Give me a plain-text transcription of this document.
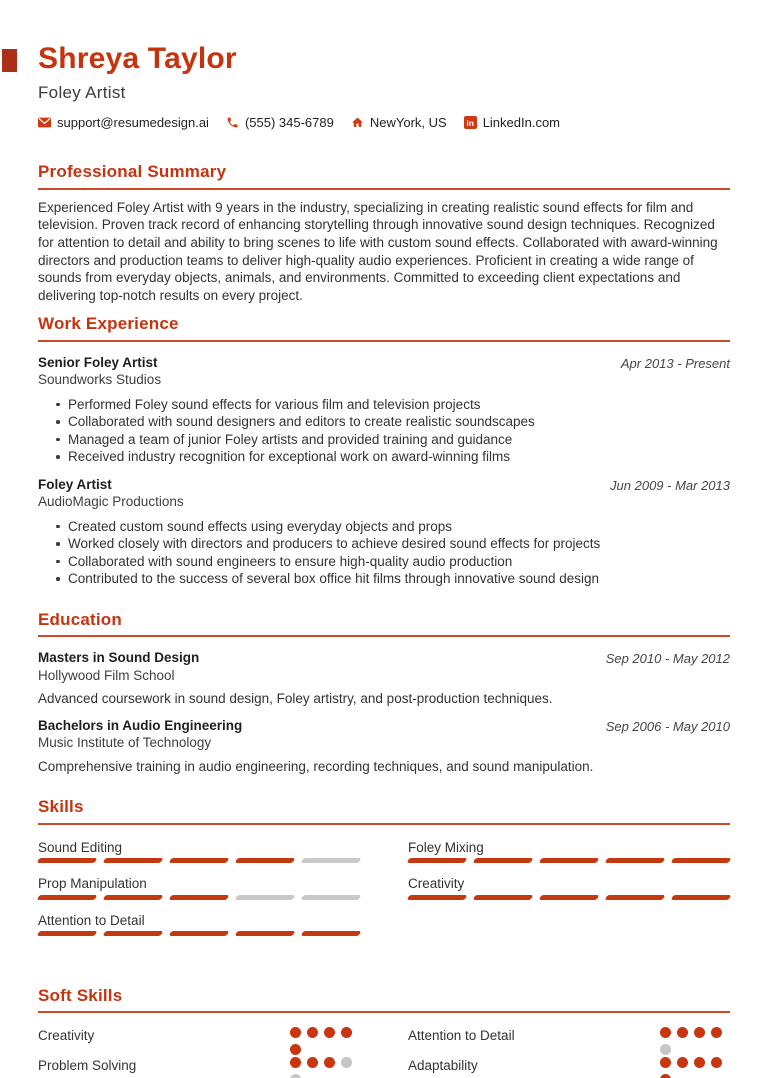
Shreya Taylor
Foley Artist
support@resumedesign.ai	(555) 345-6789	NewYork, US	in LinkedIn.com
Professional Summary

Experienced Foley Artist with 9 years in the industry, specializing in creating realistic sound effects for film and television. Proven track record of enhancing storytelling through innovative sound design techniques. Recognized for attention to detail and ability to bring scenes to life with custom sound effects. Collaborated with award-winning directors and production teams to deliver high-quality audio experiences. Proficient in creating a wide range of sounds from everyday objects, animals, and environments. Committed to exceeding client expectations and delivering top-notch results on every project.

Work Experience
Senior Foley Artist
Soundworks Studios
Apr 2013 - Present
Performed Foley sound effects for various film and television projects
Collaborated with sound designers and editors to create realistic soundscapes
Managed a team of junior Foley artists and provided training and guidance
Received industry recognition for exceptional work on award-winning films
Foley Artist
AudioMagic Productions
Jun 2009 - Mar 2013
Created custom sound effects using everyday objects and props
Worked closely with directors and producers to achieve desired sound effects for projects
Collaborated with sound engineers to ensure high-quality audio production
Contributed to the success of several box office hit films through innovative sound design
Education
Masters in Sound Design
Hollywood Film School
Sep 2010 - May 2012

Advanced coursework in sound design, Foley artistry, and post-production techniques.

Bachelors in Audio Engineering
Music Institute of Technology
Sep 2006 - May 2010

Comprehensive training in audio engineering, recording techniques, and sound manipulation.

Skills
Sound Editing	Foley Mixing
Prop Manipulation	Creativity
Attention to Detail
Soft Skills
Creativity	Attention to Detail
Problem Solving	Adaptability
